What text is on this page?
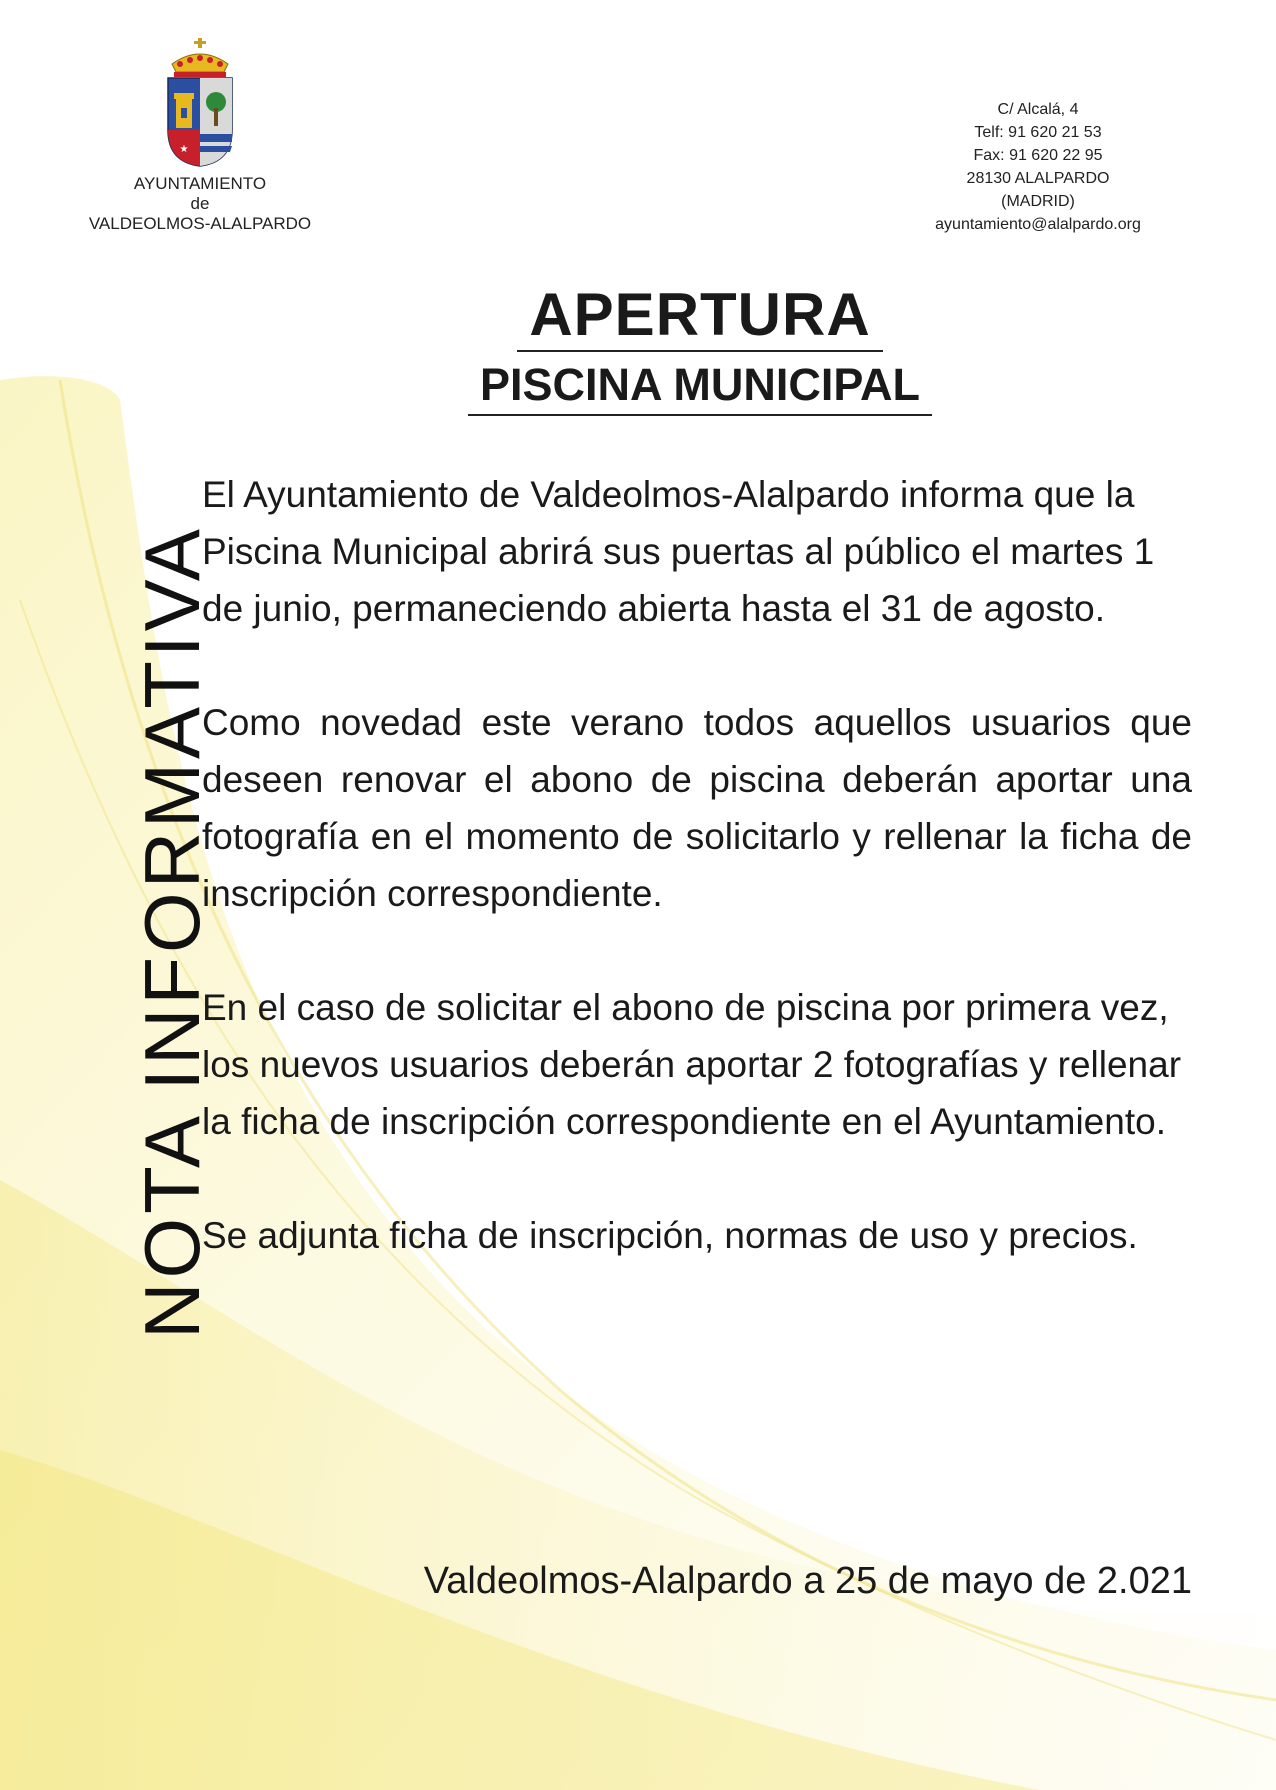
★
AYUNTAMIENTO
de
VALDEOLMOS-ALALPARDO
C/ Alcalá, 4
Telf: 91 620 21 53
Fax: 91 620 22 95
28130 ALALPARDO
(MADRID)
ayuntamiento@alalpardo.org
APERTURA
PISCINA MUNICIPAL
NOTA INFORMATIVA

El Ayuntamiento de Valdeolmos-Alalpardo informa que la Piscina Municipal abrirá sus puertas al público el martes 1 de junio, permaneciendo abierta hasta el 31 de agosto.

Como novedad este verano todos aquellos usuarios que deseen renovar el abono de piscina deberán aportar una fotografía en el momento de solicitarlo y rellenar la ficha de inscripción correspondiente.

En el caso de solicitar el abono de piscina por primera vez, los nuevos usuarios deberán aportar 2 fotografías y rellenar la ficha de inscripción correspondiente en el Ayuntamiento.

Se adjunta ficha de inscripción, normas de uso y precios.

Valdeolmos-Alalpardo a 25 de mayo de 2.021
